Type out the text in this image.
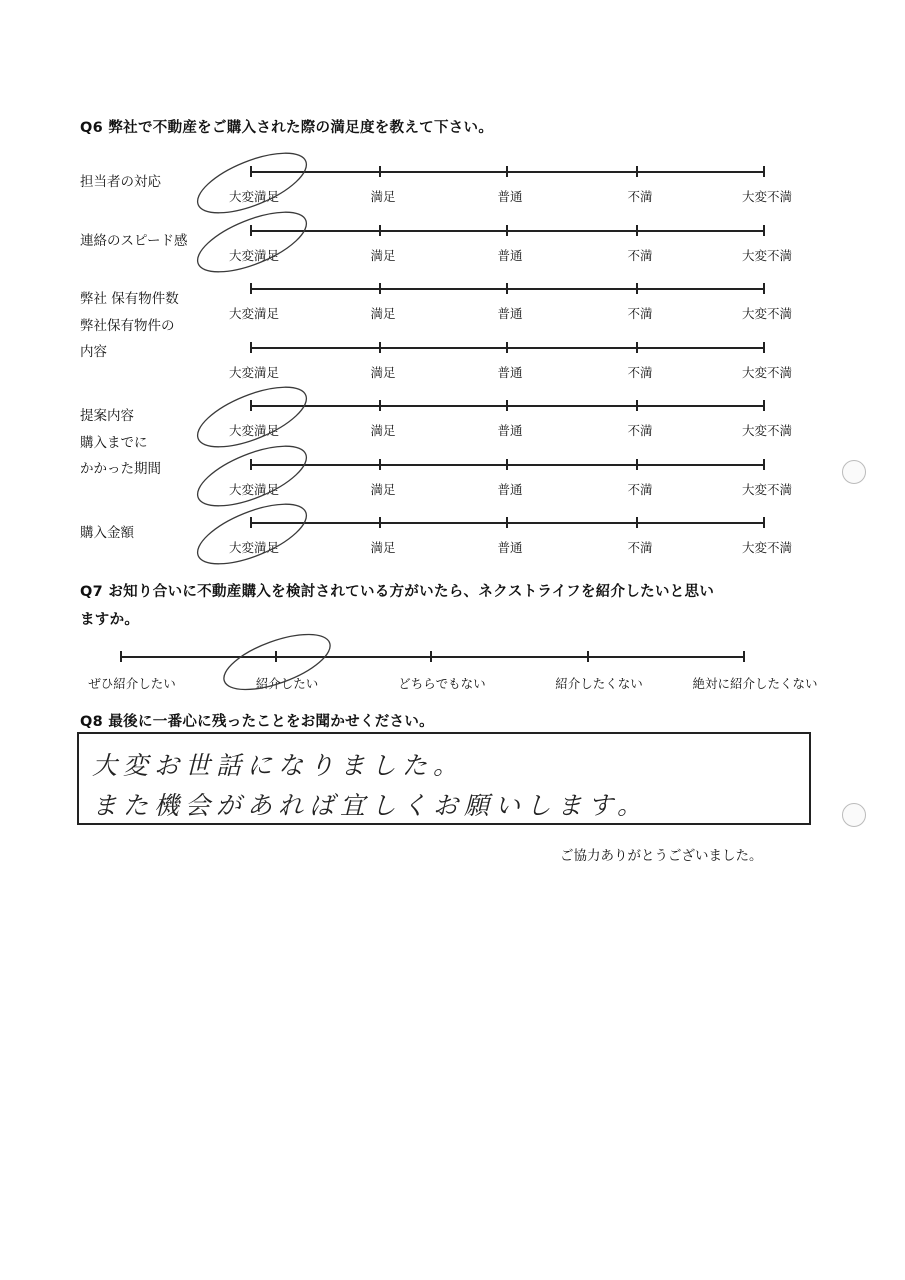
Q6 弊社で不動産をご購入された際の満足度を教えて下さい。
担当者の対応
大変満足	満足	普通	不満	大変不満
連絡のスピード感
大変満足	満足	普通	不満	大変不満
弊社 保有物件数
大変満足	満足	普通	不満	大変不満
弊社保有物件の
内容
大変満足	満足	普通	不満	大変不満
提案内容
大変満足	満足	普通	不満	大変不満
購入までに
かかった期間
大変満足	満足	普通	不満	大変不満
購入金額
大変満足	満足	普通	不満	大変不満
Q7 お知り合いに不動産購入を検討されている方がいたら、ネクストライフを紹介したいと思い
ますか。
ぜひ紹介したい	紹介したい	どちらでもない	紹介したくない	絶対に紹介したくない
Q8 最後に一番心に残ったことをお聞かせください。
大変お世話になりました。
また機会があれば宜しくお願いします。
ご協力ありがとうございました。
